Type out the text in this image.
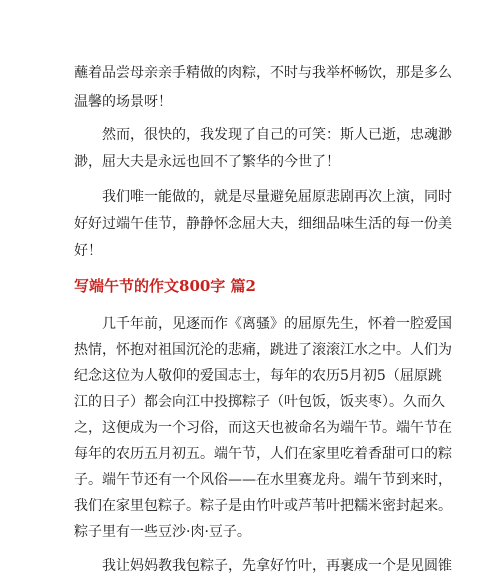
蘸着品尝母亲亲手精做的肉粽，不时与我举杯畅饮，那是多么
温馨的场景呀！
　　然而，很快的，我发现了自己的可笑：斯人已逝，忠魂渺
渺，屈大夫是永远也回不了繁华的今世了！
　　我们唯一能做的，就是尽量避免屈原悲剧再次上演，同时
好好过端午佳节，静静怀念屈大夫，细细品味生活的每一份美
好！
写端午节的作文800字 篇2
　　几千年前，见逐而作《离骚》的屈原先生，怀着一腔爱国
热情，怀抱对祖国沉沦的悲痛，跳进了滚滚江水之中。人们为
纪念这位为人敬仰的爱国志士，每年的农历5月初5（屈原跳
江的日子）都会向江中投掷粽子（叶包饭，饭夹枣）。久而久
之，这便成为一个习俗，而这天也被命名为端午节。端午节在
每年的农历五月初五。端午节，人们在家里吃着香甜可口的粽
子。端午节还有一个风俗——在水里赛龙舟。端午节到来时，
我们在家里包粽子。粽子是由竹叶或芦苇叶把糯米密封起来。
粽子里有一些豆沙·肉·豆子。
　　我让妈妈教我包粽子，先拿好竹叶，再裹成一个是见圆锥
